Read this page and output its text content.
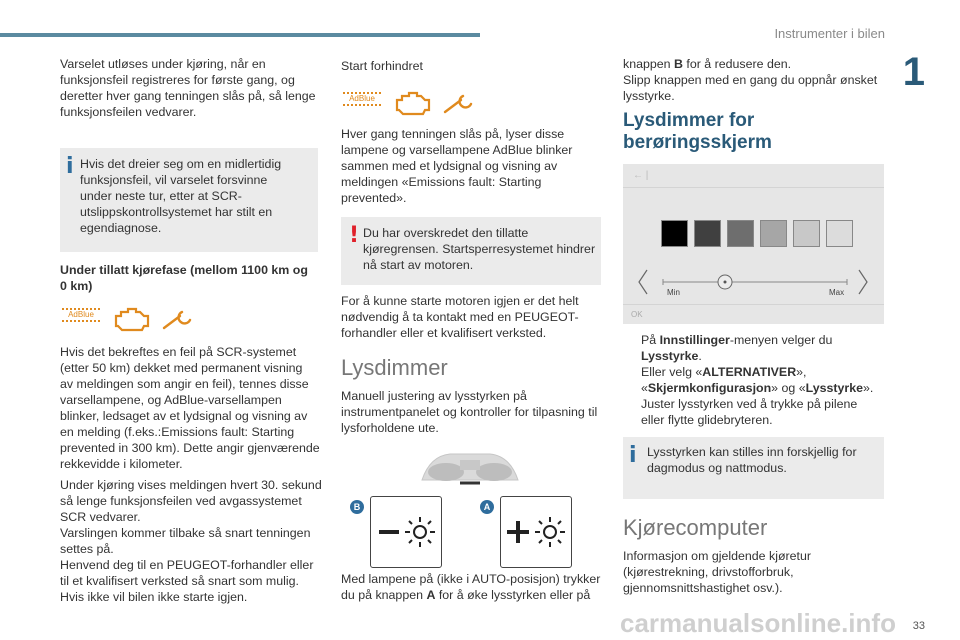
Instrumenter i bilen
1

Varselet utløses under kjøring, når en

funksjonsfeil registreres for første gang, og

deretter hver gang tenningen slås på, så lenge

funksjonsfeilen vedvarer.

i Hvis det dreier seg om en midlertidig

funksjonsfeil, vil varselet forsvinne

under neste tur, etter at SCR-

utslippskontrollsystemet har stilt en

egendiagnose.

Under tillatt kjørefase (mellom 1100 km og

0 km)

AdBlue

Hvis det bekreftes en feil på SCR-systemet

(etter 50 km) dekket med permanent visning

av meldingen som angir en feil), tennes disse

varsellampene, og AdBlue-varsellampen

blinker, ledsaget av et lydsignal og visning av

en melding (f.eks.:Emissions fault: Starting

prevented in 300 km). Dette angir gjenværende

rekkevidde i kilometer.

Under kjøring vises meldingen hvert 30. sekund

så lenge funksjonsfeilen ved avgassystemet

SCR vedvarer.

Varslingen kommer tilbake så snart tenningen

settes på.

Henvend deg til en PEUGEOT-forhandler eller

til et kvalifisert verksted så snart som mulig.

Hvis ikke vil bilen ikke starte igjen.

Start forhindret
AdBlue

Hver gang tenningen slås på, lyser disse

lampene og varsellampene AdBlue blinker

sammen med et lydsignal og visning av

meldingen «Emissions fault: Starting

prevented».

! Du har overskredet den tillatte

kjøregrensen. Startsperresystemet hindrer

nå start av motoren.

For å kunne starte motoren igjen er det helt

nødvendig å ta kontakt med en PEUGEOT-

forhandler eller et kvalifisert verksted.

Lysdimmer

Manuell justering av lysstyrken på

instrumentpanelet og kontroller for tilpasning til

lysforholdene ute.

B	A

Med lampene på (ikke i AUTO-posisjon) trykker

du på knappen A for å øke lysstyrken eller på

knappen B for å redusere den.

Slipp knappen med en gang du oppnår ønsket

lysstyrke.

Lysdimmer for
berøringsskjerm
← |
OK
Min	Max

På Innstillinger-menyen velger du

Lysstyrke.

Eller velg «ALTERNATIVER»,

«Skjermkonfigurasjon» og «Lysstyrke».

Juster lysstyrken ved å trykke på pilene

eller flytte glidebryteren.

i Lysstyrken kan stilles inn forskjellig for

dagmodus og nattmodus.

Kjørecomputer

Informasjon om gjeldende kjøretur

(kjørestrekning, drivstofforbruk,

gjennomsnittshastighet osv.).

carmanualsonline.info 33
